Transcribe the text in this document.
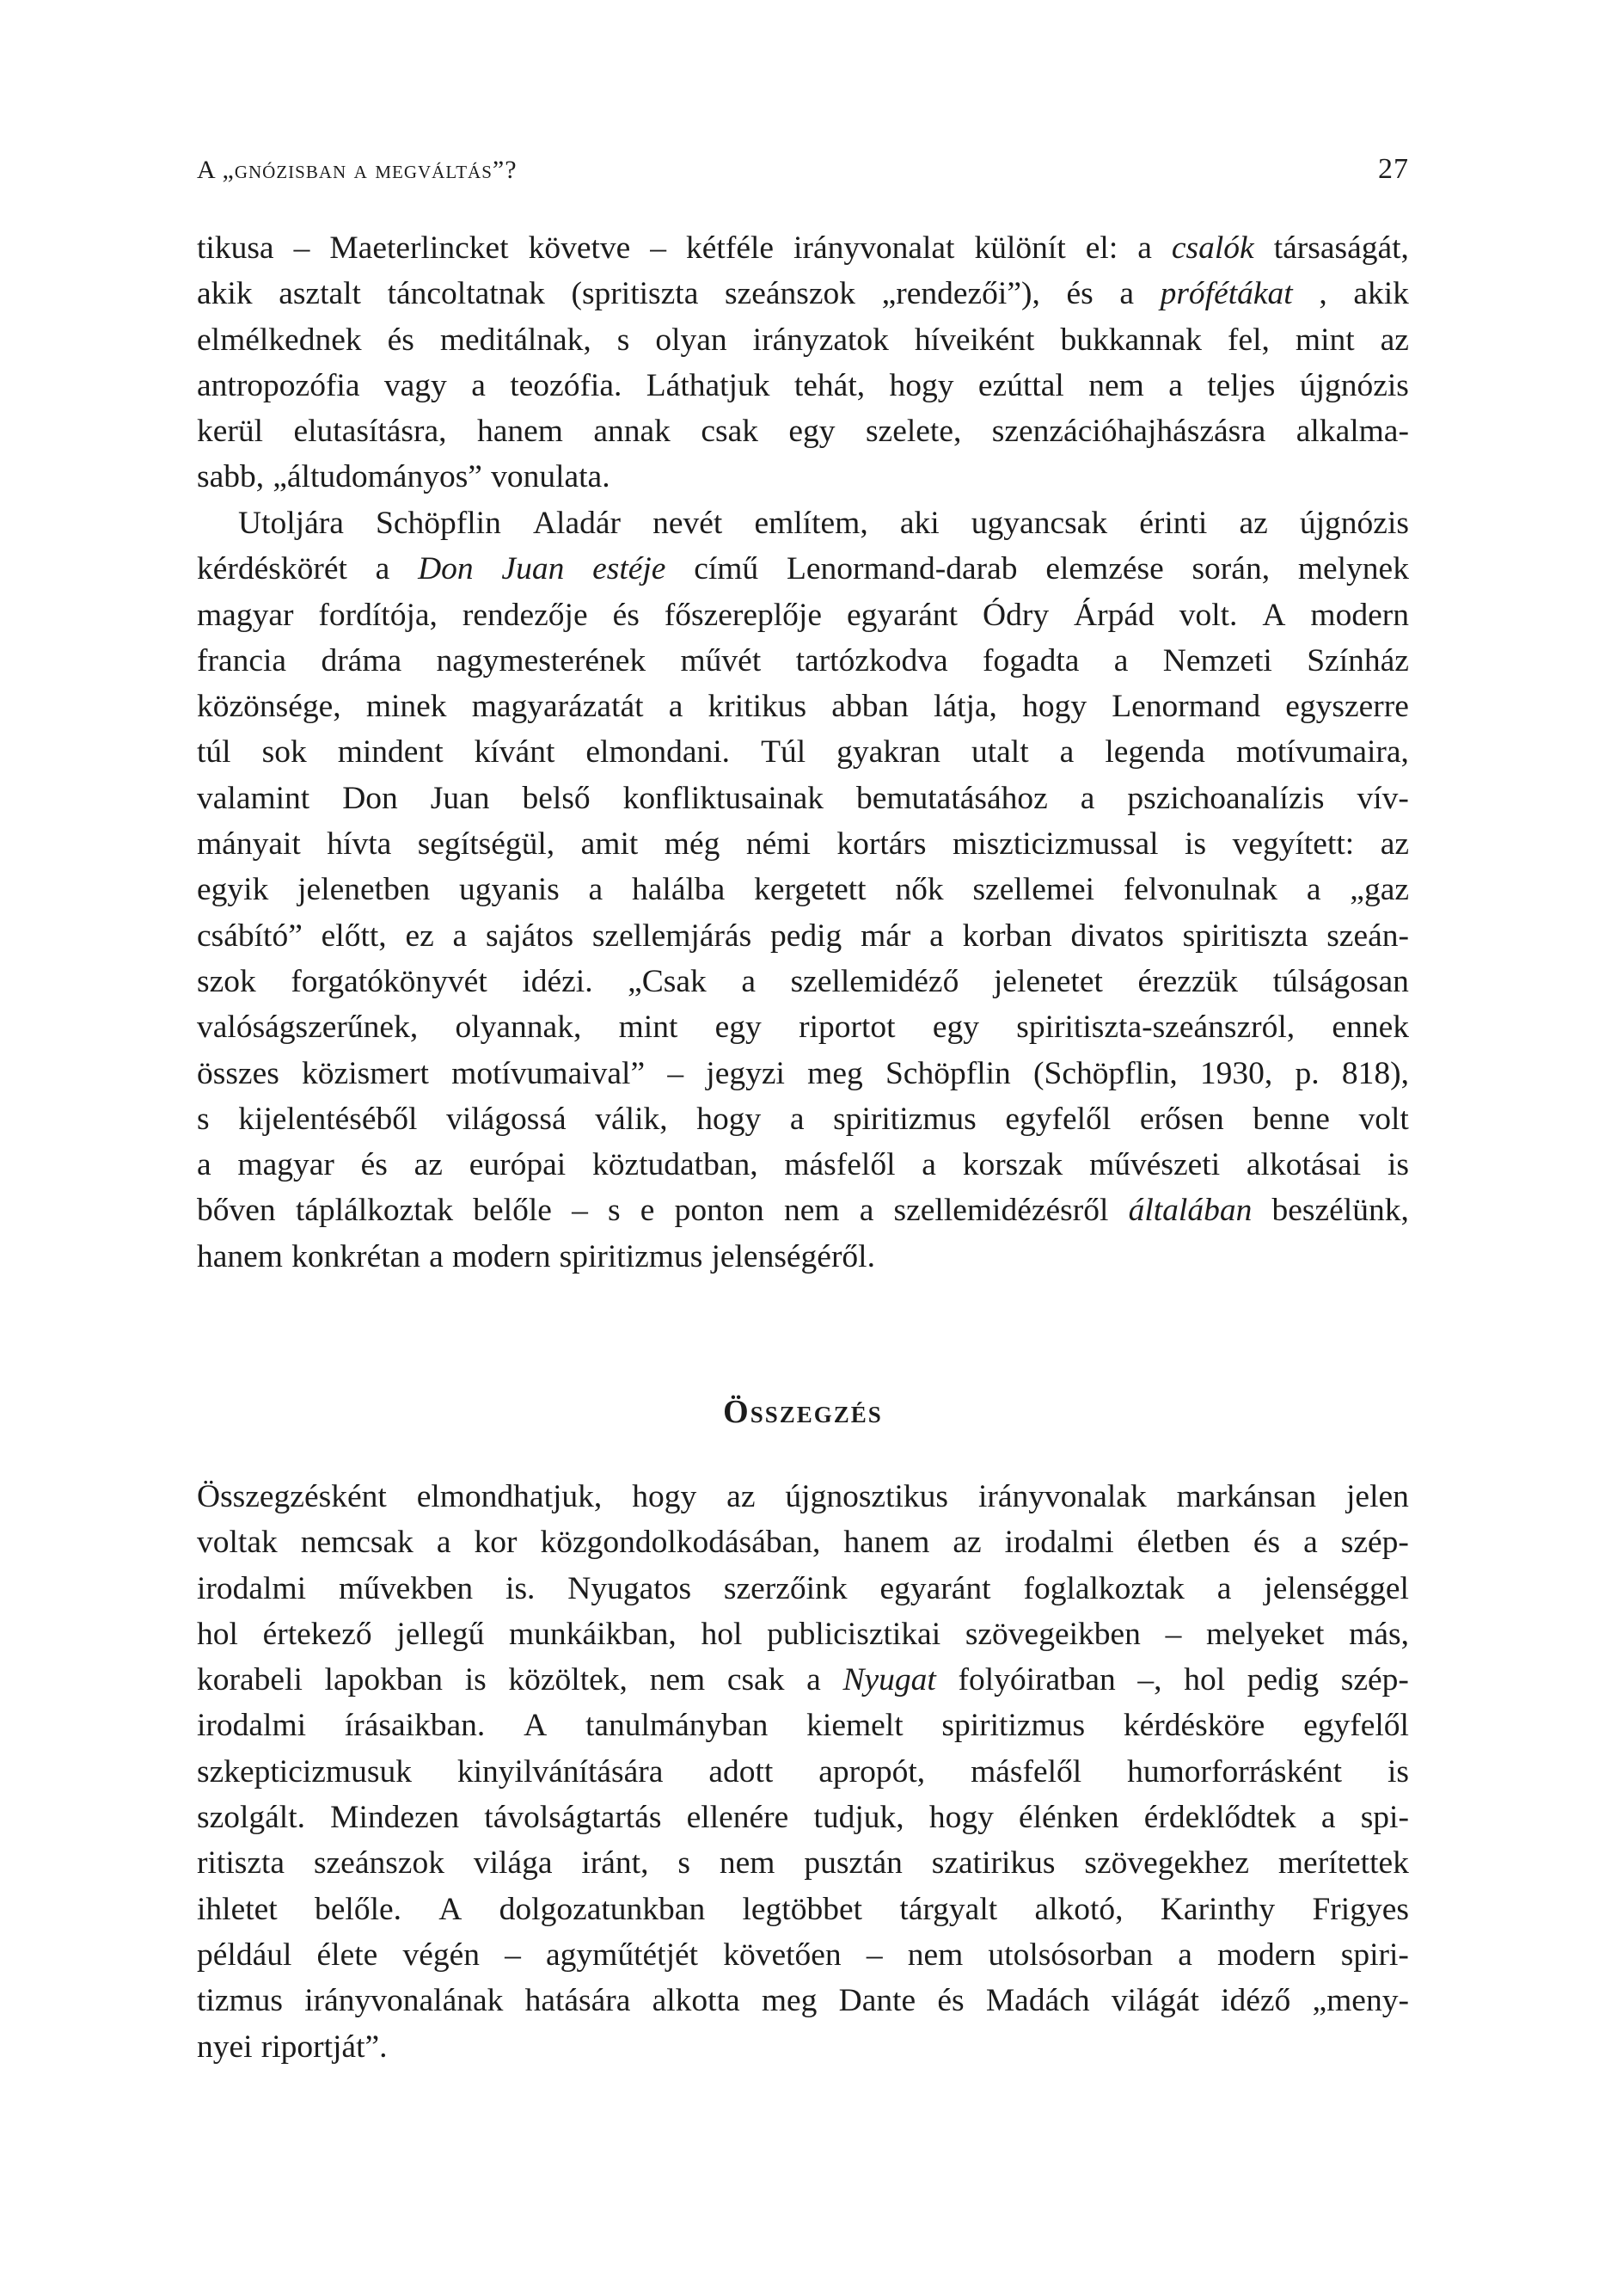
A „gnózisban a megváltás”?	27
tikusa – Maeterlincket követve – kétféle irányvonalat különít el: a csalók társaságát,
akik asztalt táncoltatnak (spritiszta szeánszok „rendezői”), és a prófétákat , akik
elmélkednek és meditálnak, s olyan irányzatok híveiként bukkannak fel, mint az
antropozófia vagy a teozófia. Láthatjuk tehát, hogy ezúttal nem a teljes újgnózis
kerül elutasításra, hanem annak csak egy szelete, szenzációhajhászásra alkalma-
sabb, „áltudományos” vonulata.
Utoljára Schöpflin Aladár nevét említem, aki ugyancsak érinti az újgnózis
kérdéskörét a Don Juan estéje című Lenormand-darab elemzése során, melynek
magyar fordítója, rendezője és főszereplője egyaránt Ódry Árpád volt. A modern
francia dráma nagymesterének művét tartózkodva fogadta a Nemzeti Színház
közönsége, minek magyarázatát a kritikus abban látja, hogy Lenormand egyszerre
túl sok mindent kívánt elmondani. Túl gyakran utalt a legenda motívumaira,
valamint Don Juan belső konfliktusainak bemutatásához a pszichoanalízis vív-
mányait hívta segítségül, amit még némi kortárs miszticizmussal is vegyített: az
egyik jelenetben ugyanis a halálba kergetett nők szellemei felvonulnak a „gaz
csábító” előtt, ez a sajátos szellemjárás pedig már a korban divatos spiritiszta szeán-
szok forgatókönyvét idézi. „Csak a szellemidéző jelenetet érezzük túlságosan
valóságszerűnek, olyannak, mint egy riportot egy spiritiszta-szeánszról, ennek
összes közismert motívumaival” – jegyzi meg Schöpflin (Schöpflin, 1930, p. 818),
s kijelentéséből világossá válik, hogy a spiritizmus egyfelől erősen benne volt
a magyar és az európai köztudatban, másfelől a korszak művészeti alkotásai is
bőven táplálkoztak belőle – s e ponton nem a szellemidézésről általában beszélünk,
hanem konkrétan a modern spiritizmus jelenségéről.
Összegzés
Összegzésként elmondhatjuk, hogy az újgnosztikus irányvonalak markánsan jelen
voltak nemcsak a kor közgondolkodásában, hanem az irodalmi életben és a szép-
irodalmi művekben is. Nyugatos szerzőink egyaránt foglalkoztak a jelenséggel
hol értekező jellegű munkáikban, hol publicisztikai szövegeikben – melyeket más,
korabeli lapokban is közöltek, nem csak a Nyugat folyóiratban –, hol pedig szép-
irodalmi írásaikban. A tanulmányban kiemelt spiritizmus kérdésköre egyfelől
szkepticizmusuk kinyilvánítására adott apropót, másfelől humorforrásként is
szolgált. Mindezen távolságtartás ellenére tudjuk, hogy élénken érdeklődtek a spi-
ritiszta szeánszok világa iránt, s nem pusztán szatirikus szövegekhez merítettek
ihletet belőle. A dolgozatunkban legtöbbet tárgyalt alkotó, Karinthy Frigyes
például élete végén – agyműtétjét követően – nem utolsósorban a modern spiri-
tizmus irányvonalának hatására alkotta meg Dante és Madách világát idéző „meny-
nyei riportját”.
